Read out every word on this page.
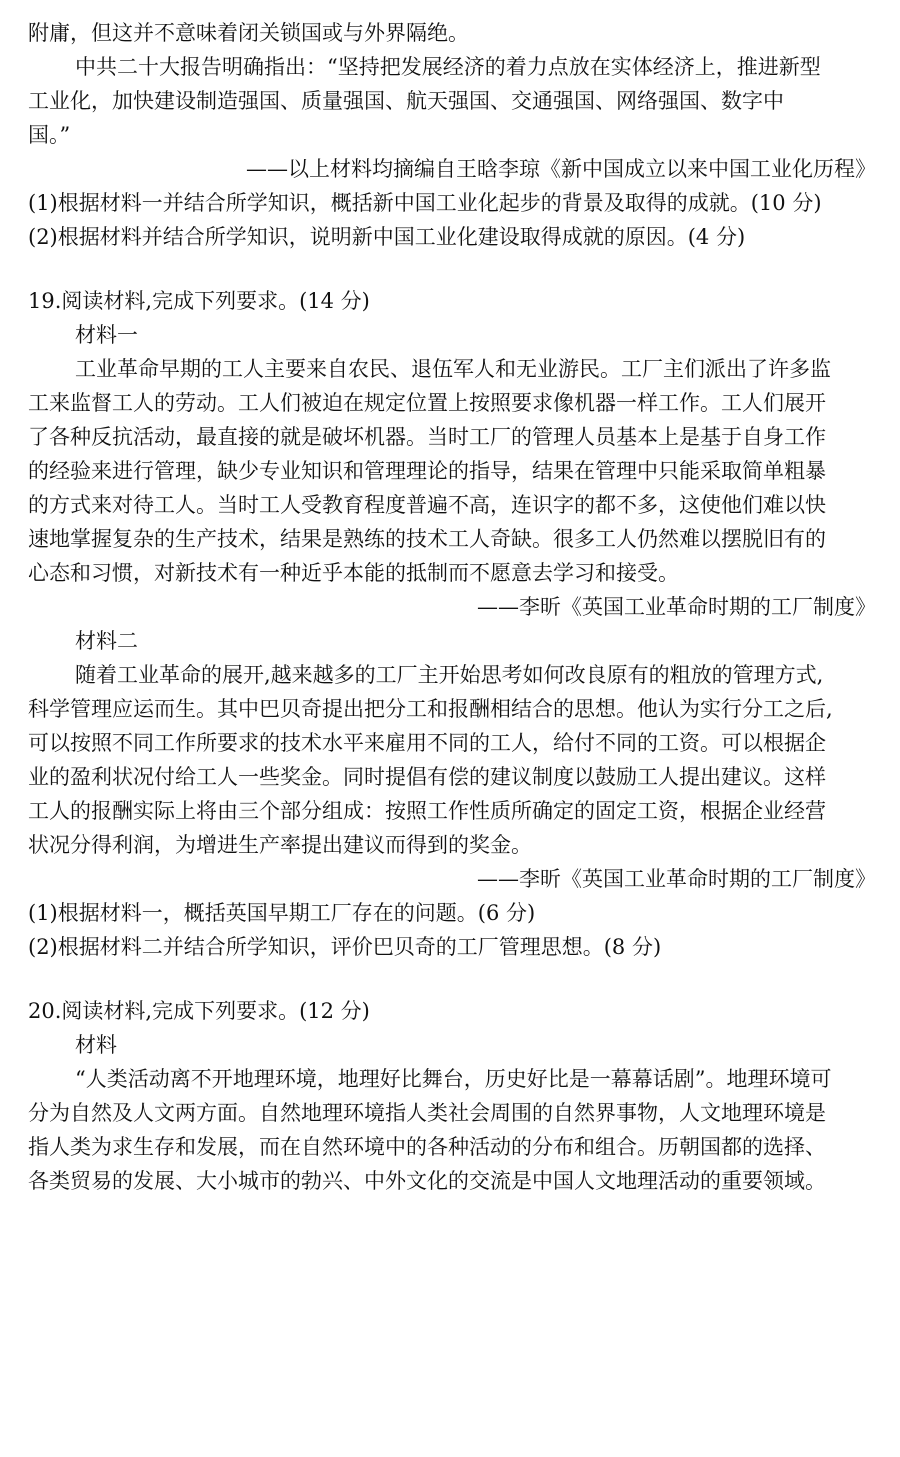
附庸，但这并不意味着闭关锁国或与外界隔绝。
中共二十大报告明确指出：“坚持把发展经济的着力点放在实体经济上，推进新型
工业化，加快建设制造强国、质量强国、航天强国、交通强国、网络强国、数字中
国。”
——以上材料均摘编自王晗李琼《新中国成立以来中国工业化历程》
(1)根据材料一并结合所学知识，概括新中国工业化起步的背景及取得的成就。(10 分)
(2)根据材料并结合所学知识，说明新中国工业化建设取得成就的原因。(4 分)
19.阅读材料,完成下列要求。(14 分)
材料一
工业革命早期的工人主要来自农民、退伍军人和无业游民。工厂主们派出了许多监
工来监督工人的劳动。工人们被迫在规定位置上按照要求像机器一样工作。工人们展开
了各种反抗活动，最直接的就是破坏机器。当时工厂的管理人员基本上是基于自身工作
的经验来进行管理，缺少专业知识和管理理论的指导，结果在管理中只能采取简单粗暴
的方式来对待工人。当时工人受教育程度普遍不高，连识字的都不多，这使他们难以快
速地掌握复杂的生产技术，结果是熟练的技术工人奇缺。很多工人仍然难以摆脱旧有的
心态和习惯，对新技术有一种近乎本能的抵制而不愿意去学习和接受。
——李昕《英国工业革命时期的工厂制度》
材料二
随着工业革命的展开,越来越多的工厂主开始思考如何改良原有的粗放的管理方式,
科学管理应运而生。其中巴贝奇提出把分工和报酬相结合的思想。他认为实行分工之后,
可以按照不同工作所要求的技术水平来雇用不同的工人，给付不同的工资。可以根据企
业的盈利状况付给工人一些奖金。同时提倡有偿的建议制度以鼓励工人提出建议。这样
工人的报酬实际上将由三个部分组成：按照工作性质所确定的固定工资，根据企业经营
状况分得利润，为增进生产率提出建议而得到的奖金。
——李昕《英国工业革命时期的工厂制度》
(1)根据材料一，概括英国早期工厂存在的问题。(6 分)
(2)根据材料二并结合所学知识，评价巴贝奇的工厂管理思想。(8 分)
20.阅读材料,完成下列要求。(12 分)
材料
“人类活动离不开地理环境，地理好比舞台，历史好比是一幕幕话剧”。地理环境可
分为自然及人文两方面。自然地理环境指人类社会周围的自然界事物，人文地理环境是
指人类为求生存和发展，而在自然环境中的各种活动的分布和组合。历朝国都的选择、
各类贸易的发展、大小城市的勃兴、中外文化的交流是中国人文地理活动的重要领域。
